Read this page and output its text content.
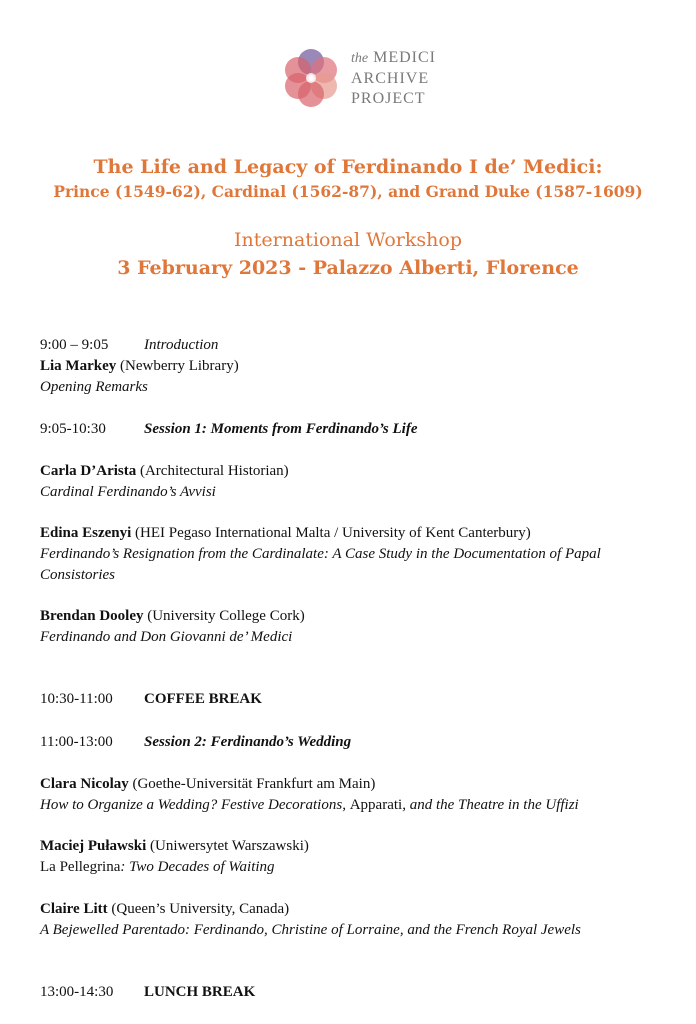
the MEDICI
ARCHIVE
PROJECT
The Life and Legacy of Ferdinando I de’ Medici:
Prince (1549-62), Cardinal (1562-87), and Grand Duke (1587-1609)
International Workshop
3 February 2023 - Palazzo Alberti, Florence
9:00 – 9:05 Introduction
Lia Markey (Newberry Library)
Opening Remarks
9:05-10:30	Session 1: Moments from Ferdinando’s Life
Carla D’Arista (Architectural Historian)
Cardinal Ferdinando’s Avvisi
Edina Eszenyi (HEI Pegaso International Malta / University of Kent Canterbury)
Ferdinando’s Resignation from the Cardinalate: A Case Study in the Documentation of Papal
Consistories
Brendan Dooley (University College Cork)
Ferdinando and Don Giovanni de’ Medici
10:30-11:00 COFFEE BREAK
11:00-13:00 Session 2: Ferdinando’s Wedding
Clara Nicolay (Goethe-Universität Frankfurt am Main)
How to Organize a Wedding? Festive Decorations, Apparati, and the Theatre in the Uffizi
Maciej Puławski (Uniwersytet Warszawski)
La Pellegrina: Two Decades of Waiting
Claire Litt (Queen’s University, Canada)
A Bejewelled Parentado: Ferdinando, Christine of Lorraine, and the French Royal Jewels
13:00-14:30 LUNCH BREAK
